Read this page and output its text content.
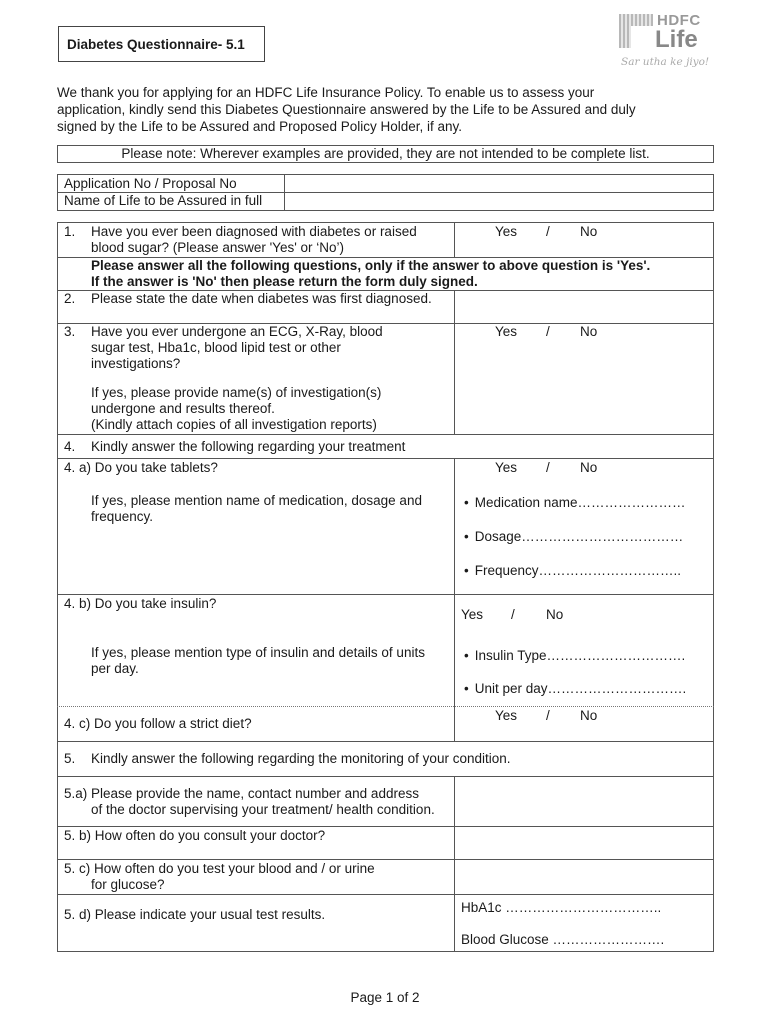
Diabetes Questionnaire- 5.1
HDFC
Life
Sar utha ke jiyo!
We thank you for applying for an HDFC Life Insurance Policy. To enable us to assess your
application, kindly send this Diabetes Questionnaire answered by the Life to be Assured and duly
signed by the Life to be Assured and Proposed Policy Holder, if any.
Please note: Wherever examples are provided, they are not intended to be complete list.
Application No / Proposal No
Name of Life to be Assured in full
1. Have you ever been diagnosed with diabetes or raised
blood sugar? (Please answer 'Yes' or ‘No’)
Yes / No
Please answer all the following questions, only if the answer to above question is 'Yes'.
If the answer is 'No' then please return the form duly signed.
2. Please state the date when diabetes was first diagnosed.
3. Have you ever undergone an ECG, X-Ray, blood
sugar test, Hba1c, blood lipid test or other
investigations?
If yes, please provide name(s) of investigation(s)
undergone and results thereof.
(Kindly attach copies of all investigation reports)
Yes / No
4. Kindly answer the following regarding your treatment
4. a) Do you take tablets?
If yes, please mention name of medication, dosage and
frequency.
Yes / No
• Medication name……………………
• Dosage………………………………
• Frequency…………………………..
4. b) Do you take insulin?
If yes, please mention type of insulin and details of units
per day.
Yes / No
• Insulin Type………………………….
• Unit per day………………………….
4. c) Do you follow a strict diet?
Yes / No
5. Kindly answer the following regarding the monitoring of your condition.
5.a) Please provide the name, contact number and address
of the doctor supervising your treatment/ health condition.
5. b) How often do you consult your doctor?
5. c) How often do you test your blood and / or urine
for glucose?
5. d) Please indicate your usual test results.	HbA1c ……………………………..
Blood Glucose …………………….
Page 1 of 2
